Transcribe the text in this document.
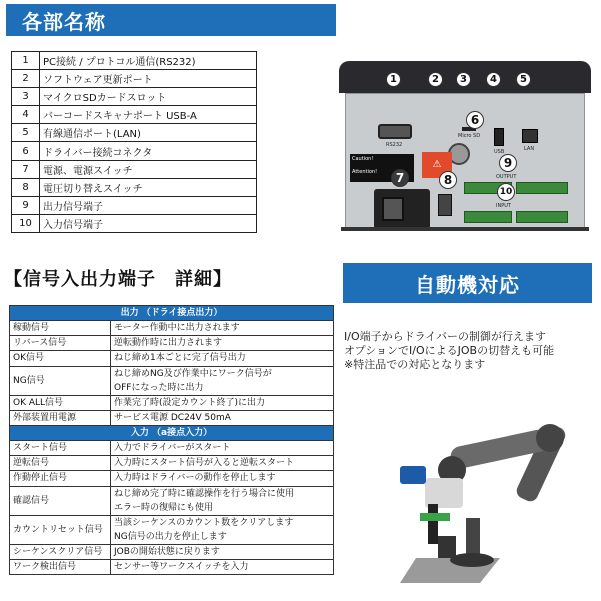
各部名称
1	PC接続 / プロトコル通信(RS232)
2	ソフトウェア更新ポート
3	マイクロSDカードスロット
4	バーコードスキャナポート USB-A
5	有線通信ポート(LAN)
6	ドライバー接続コネクタ
7	電源、電源スイッチ
8	電圧切り替えスイッチ
9	出力信号端子
10	入力信号端子
RS232
Micro SD
USB	LAN
Caution!
Attention!
⚠
OUTPUT
INPUT
1	2	3	4	5
6
7	8
9
10
【信号入出力端子　詳細】
出力 （ドライ接点出力）	
稼動信号	モーター作動中に出力されます

リバース信号	逆転動作時に出力されます

OK信号	ねじ締め1本ごとに完了信号出力

NG信号	ねじ締めNG及び作業中にワーク信号が
OFFになった時に出力

OK ALL信号	作業完了時(設定カウント終了)に出力

外部装置用電源	サービス電源 DC24V 50mA

入力 （a接点入力）	
スタート信号	入力でドライバーがスタート

逆転信号	入力時にスタート信号が入ると逆転スタート

作動停止信号	入力時はドライバーの動作を停止します

確認信号	ねじ締め完了時に確認操作を行う場合に使用
エラー時の復帰にも使用

カウントリセット信号	当該シーケンスのカウント数をクリアします
NG信号の出力を停止します

シーケンスクリア信号	JOBの開始状態に戻ります

ワーク検出信号	センサー等ワークスイッチを入力
自動機対応
I/O端子からドライバーの制御が行えます
オプションでI/OによるJOBの切替えも可能
※特注品での対応となります
